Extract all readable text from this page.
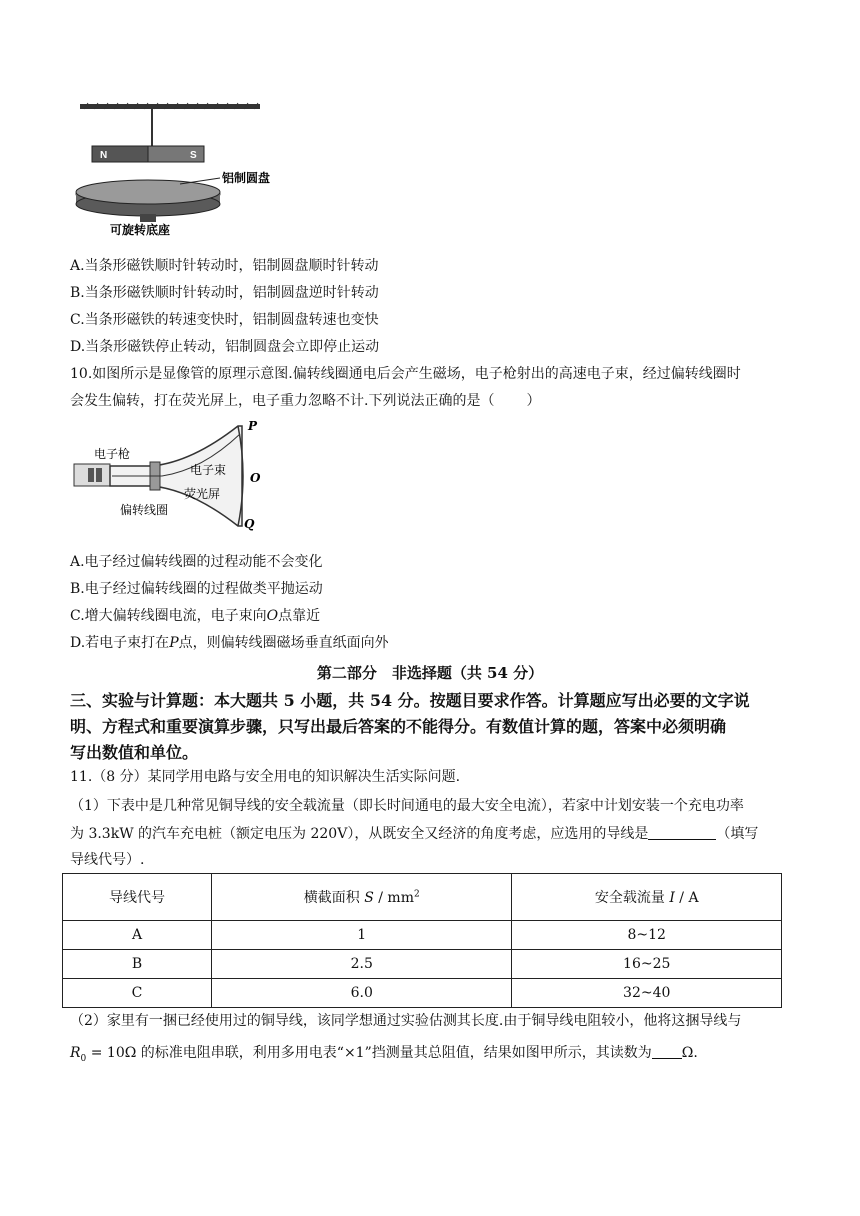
N	S
铝制圆盘
可旋转底座
A.当条形磁铁顺时针转动时，铝制圆盘顺时针转动
B.当条形磁铁顺时针转动时，铝制圆盘逆时针转动
C.当条形磁铁的转速变快时，铝制圆盘转速也变快
D.当条形磁铁停止转动，铝制圆盘会立即停止运动
10.如图所示是显像管的原理示意图.偏转线圈通电后会产生磁场，电子枪射出的高速电子束，经过偏转线圈时
会发生偏转，打在荧光屏上，电子重力忽略不计.下列说法正确的是（ ）
电子枪
电子束
荧光屏
偏转线圈
P
O
Q
A.电子经过偏转线圈的过程动能不会变化
B.电子经过偏转线圈的过程做类平抛运动
C.增大偏转线圈电流，电子束向O点靠近
D.若电子束打在P点，则偏转线圈磁场垂直纸面向外
第二部分　非选择题（共 54 分）
三、实验与计算题：本大题共 5 小题，共 54 分。按题目要求作答。计算题应写出必要的文字说
明、方程式和重要演算步骤，只写出最后答案的不能得分。有数值计算的题，答案中必须明确
写出数值和单位。
11.（8 分）某同学用电路与安全用电的知识解决生活实际问题.
（1）下表中是几种常见铜导线的安全载流量（即长时间通电的最大安全电流），若家中计划安装一个充电功率
为 3.3kW 的汽车充电桩（额定电压为 220V），从既安全又经济的角度考虑，应选用的导线是	（填写
导线代号）.
导线代号	横截面积 S / $mm^2$	安全载流量 I / A
A	1	8~12
B	2.5	16~25
C	6.0	32~40
（2）家里有一捆已经使用过的铜导线，该同学想通过实验估测其长度.由于铜导线电阻较小，他将这捆导线与
$R_0 = 10\Omega$ 的标准电阻串联，利用多用电表“×1”挡测量其总阻值，结果如图甲所示，其读数为 Ω.
